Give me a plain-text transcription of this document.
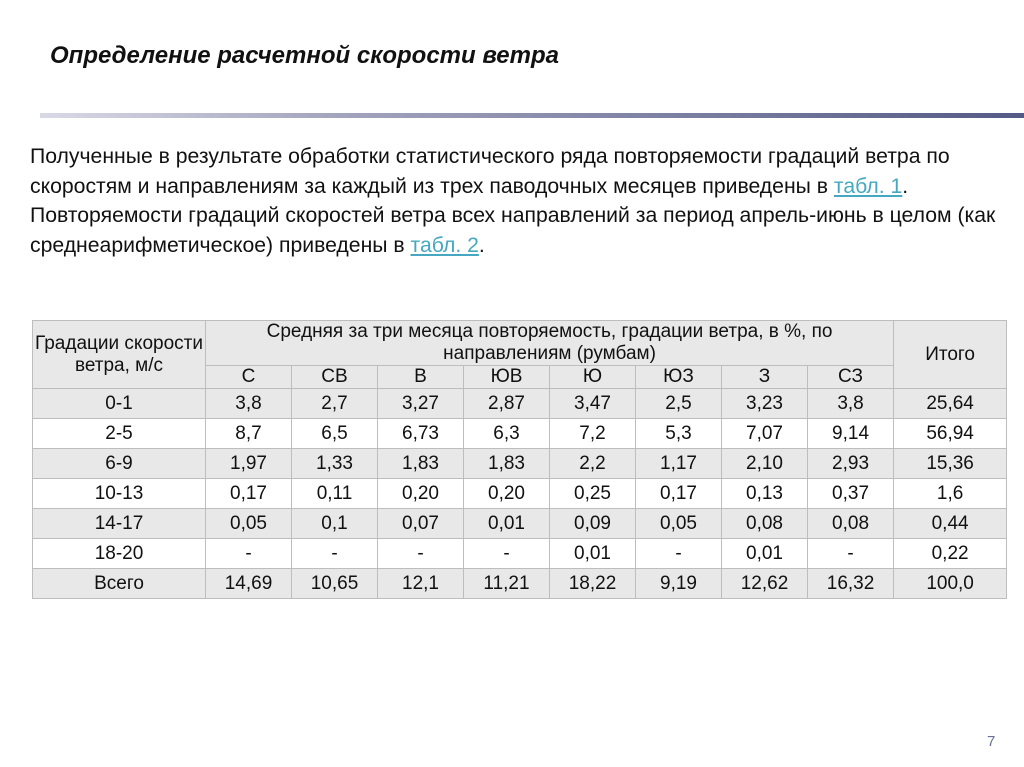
Определение расчетной скорости ветра

Полученные в результате обработки статистического ряда повторяемости градаций ветра по скоростям и направлениям за каждый из трех паводочных месяцев приведены в табл. 1. Повторяемости градаций скоростей ветра всех направлений за период апрель-июнь в целом (как среднеарифметическое) приведены в табл. 2.

Градации скорости ветра, м/с	Средняя за три месяца повторяемость, градации ветра, в %, по направлениям (румбам)								Итого
	С	СВ	В	ЮВ	Ю	ЮЗ	З	СЗ	
0-1	3,8	2,7	3,27	2,87	3,47	2,5	3,23	3,8	25,64
2-5	8,7	6,5	6,73	6,3	7,2	5,3	7,07	9,14	56,94
6-9	1,97	1,33	1,83	1,83	2,2	1,17	2,10	2,93	15,36
10-13	0,17	0,11	0,20	0,20	0,25	0,17	0,13	0,37	1,6
14-17	0,05	0,1	0,07	0,01	0,09	0,05	0,08	0,08	0,44
18-20	-	-	-	-	0,01	-	0,01	-	0,22
Всего	14,69	10,65	12,1	11,21	18,22	9,19	12,62	16,32	100,0
7
